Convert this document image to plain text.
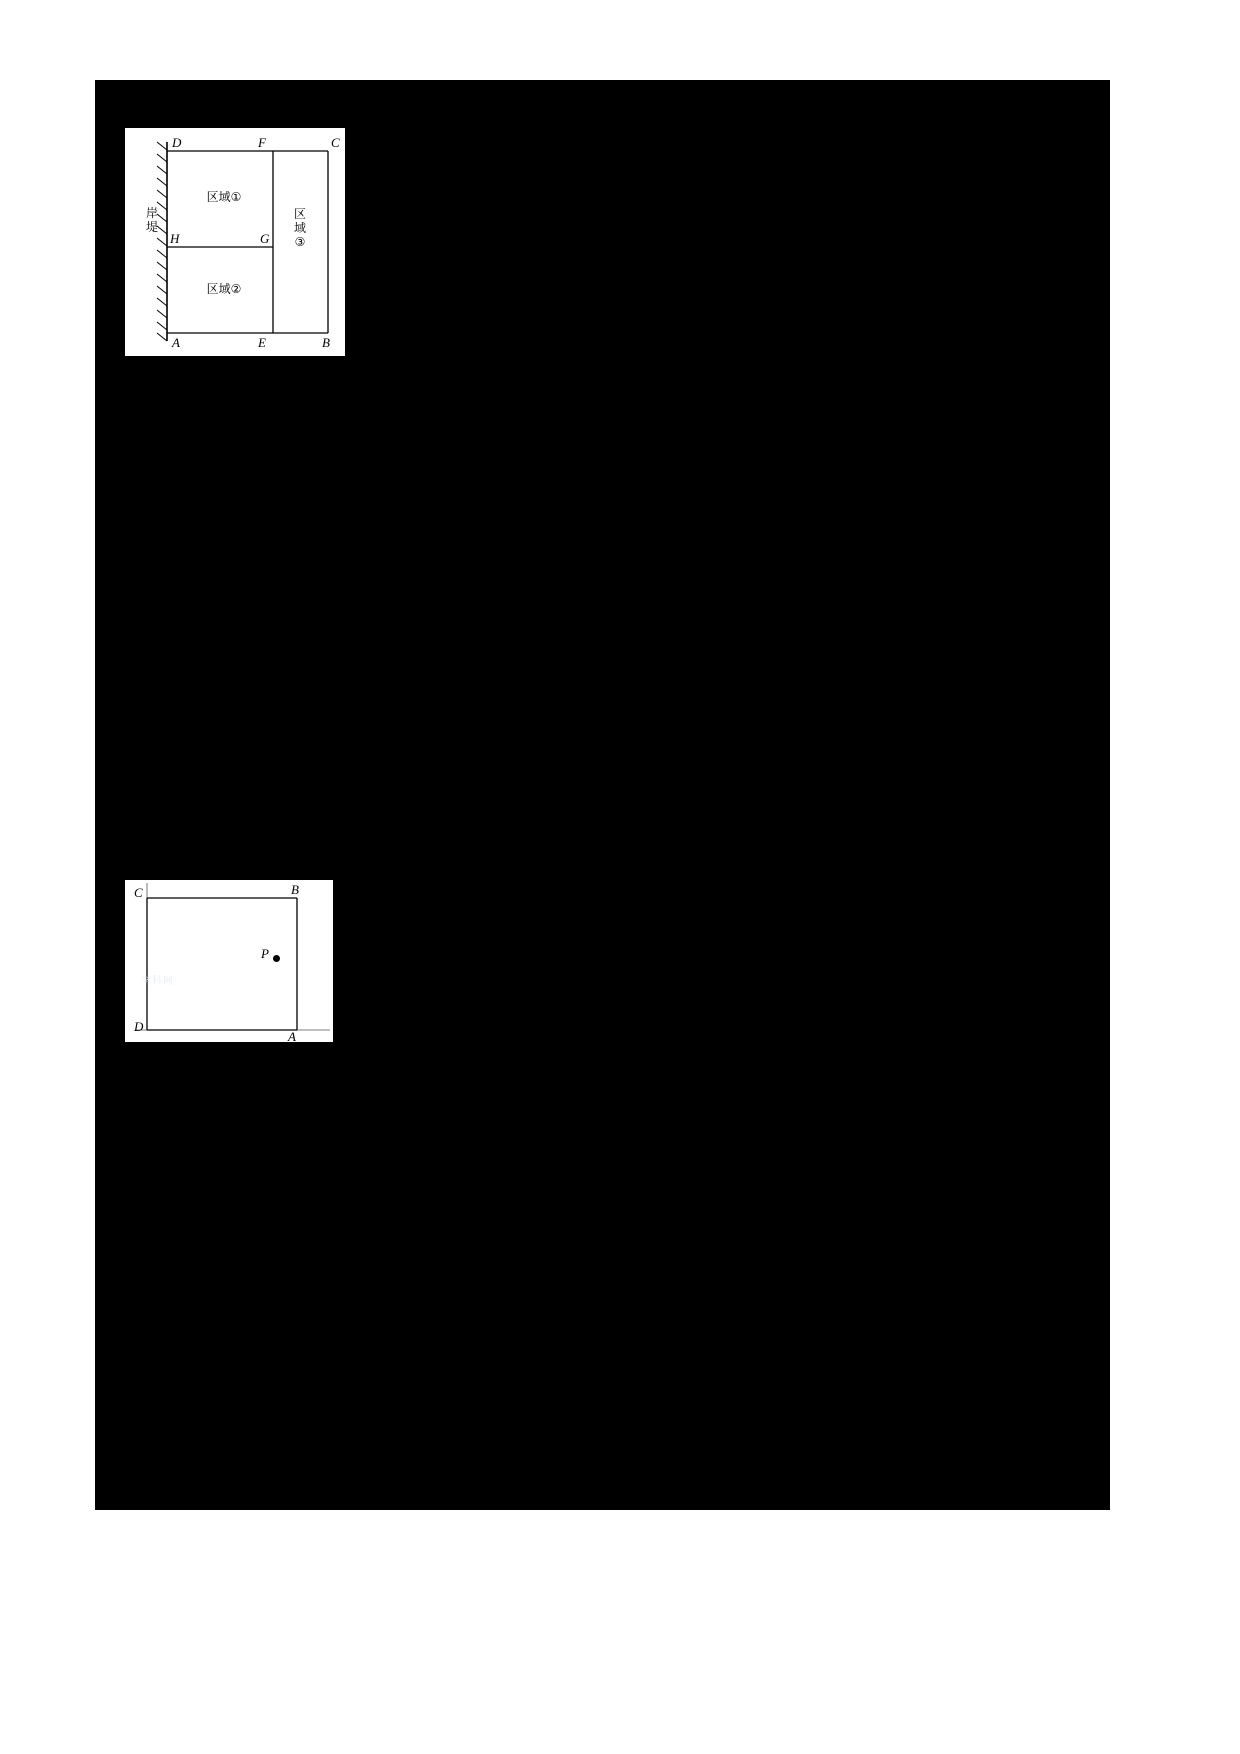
岸
堤
D	F	C
H	G
A	E	B
区域①
区域②
区
域
③
学科网
C	B
D
A
P
